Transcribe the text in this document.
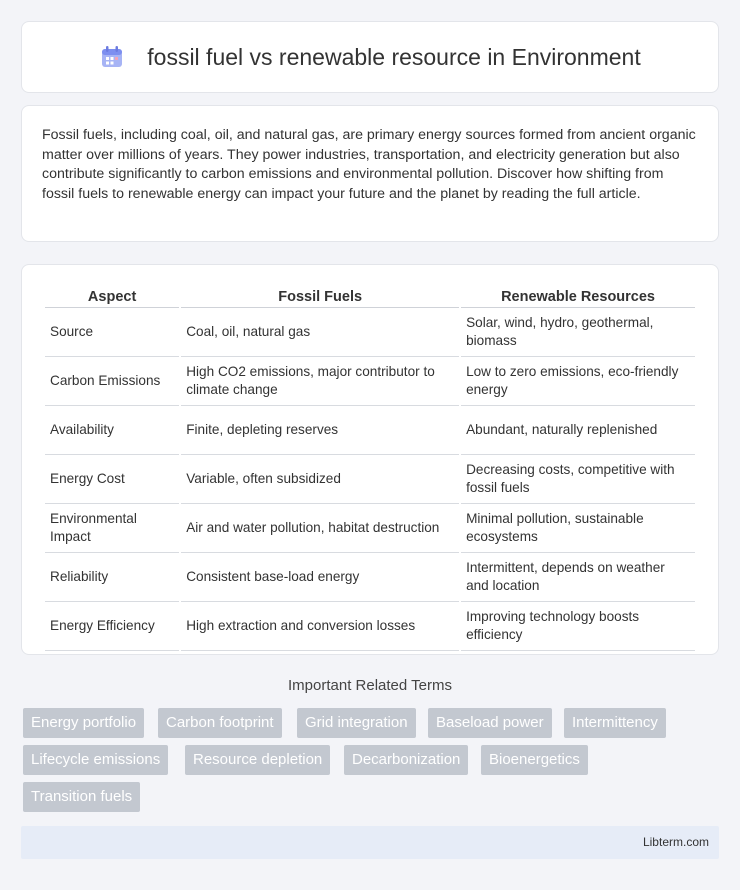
fossil fuel vs renewable resource in Environment

Fossil fuels, including coal, oil, and natural gas, are primary energy sources formed from ancient organic matter over millions of years. They power industries, transportation, and electricity generation but also contribute significantly to carbon emissions and environmental pollution. Discover how shifting from fossil fuels to renewable energy can impact your future and the planet by reading the full article.

Aspect	Fossil Fuels	Renewable Resources
Source	Coal, oil, natural gas	Solar, wind, hydro, geothermal, biomass
Carbon Emissions	High CO2 emissions, major contributor to climate change	Low to zero emissions, eco-friendly energy
Availability	Finite, depleting reserves	Abundant, naturally replenished
Energy Cost	Variable, often subsidized	Decreasing costs, competitive with fossil fuels
Environmental Impact	Air and water pollution, habitat destruction	Minimal pollution, sustainable ecosystems
Reliability	Consistent base-load energy	Intermittent, depends on weather and location
Energy Efficiency	High extraction and conversion losses	Improving technology boosts efficiency
Important Related Terms
Energy portfolio	Carbon footprint	Grid integration	Baseload power	Intermittency
Lifecycle emissions	Resource depletion	Decarbonization	Bioenergetics
Transition fuels
Libterm.com
